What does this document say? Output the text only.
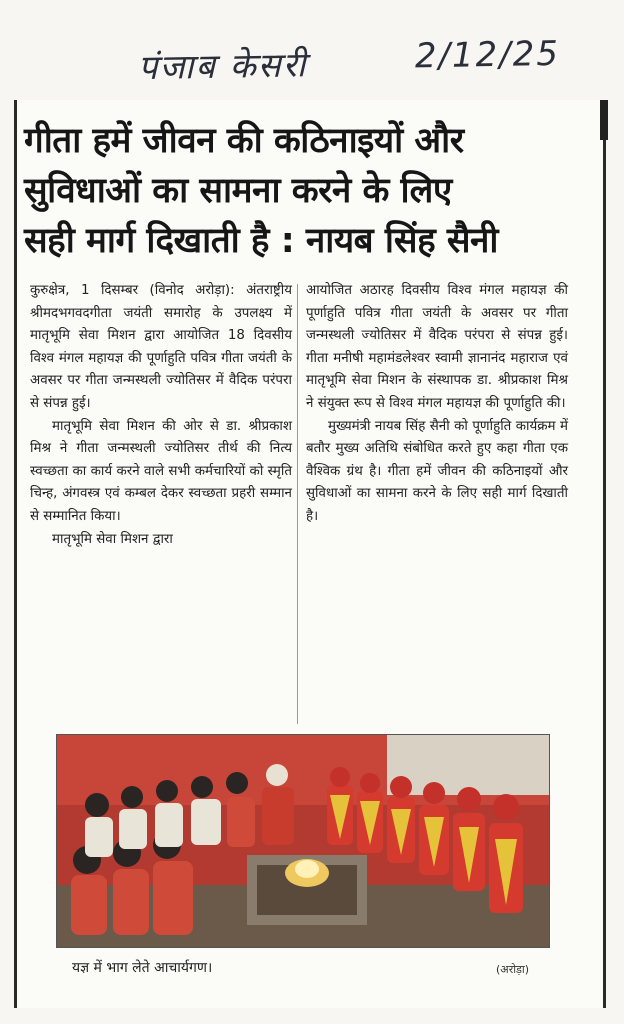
पंजाब केसरी	2/12/25
गीता हमें जीवन की कठिनाइयों और
सुविधाओं का सामना करने के लिए
सही मार्ग दिखाती है : नायब सिंह सैनी

कुरुक्षेत्र, 1 दिसम्बर (विनोद अरोड़ा): अंतराष्ट्रीय श्रीमदभगवदगीता जयंती समारोह के उपलक्ष्य में मातृभूमि सेवा मिशन द्वारा आयोजित 18 दिवसीय विश्व मंगल महायज्ञ की पूर्णाहुति पवित्र गीता जयंती के अवसर पर गीता जन्मस्थली ज्योतिसर में वैदिक परंपरा से संपन्न हुई।

मातृभूमि सेवा मिशन की ओर से डा. श्रीप्रकाश मिश्र ने गीता जन्मस्थली ज्योतिसर तीर्थ की नित्य स्वच्छता का कार्य करने वाले सभी कर्मचारियों को स्मृति चिन्ह, अंगवस्त्र एवं कम्बल देकर स्वच्छता प्रहरी सम्मान से सम्मानित किया।

मातृभूमि सेवा मिशन द्वारा

आयोजित अठारह दिवसीय विश्व मंगल महायज्ञ की पूर्णाहुति पवित्र गीता जयंती के अवसर पर गीता जन्मस्थली ज्योतिसर में वैदिक परंपरा से संपन्न हुई। गीता मनीषी महामंडलेश्वर स्वामी ज्ञानानंद महाराज एवं मातृभूमि सेवा मिशन के संस्थापक डा. श्रीप्रकाश मिश्र ने संयुक्त रूप से विश्व मंगल महायज्ञ की पूर्णाहुति की।

मुख्यमंत्री नायब सिंह सैनी को पूर्णाहुति कार्यक्रम में बतौर मुख्य अतिथि संबोधित करते हुए कहा गीता एक वैश्विक ग्रंथ है। गीता हमें जीवन की कठिनाइयों और सुविधाओं का सामना करने के लिए सही मार्ग दिखाती है।

यज्ञ में भाग लेते आचार्यगण।	(अरोड़ा)
